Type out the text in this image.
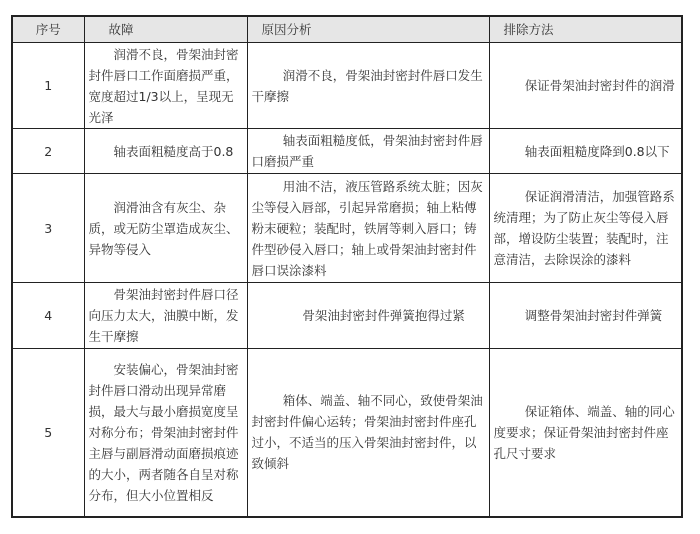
序号	故障	原因分析	排除方法
1	润滑不良，骨架油封密封件唇口工作面磨损严重，宽度超过1/3以上，呈现无光泽	润滑不良，骨架油封密封件唇口发生干摩擦	保证骨架油封密封件的润滑

2	轴表面粗糙度高于0.8	轴表面粗糙度低，骨架油封密封件唇口磨损严重	轴表面粗糙度降到0.8以下

3	润滑油含有灰尘、杂质，或无防尘罩造成灰尘、异物等侵入	用油不洁，液压管路系统太脏；因灰尘等侵入唇部，引起异常磨损；轴上粘傅粉末硬粒；装配时，铁屑等刺入唇口；铸件型砂侵入唇口；轴上或骨架油封密封件唇口误涂漆料	保证润滑清洁，加强管路系统清理；为了防止灰尘等侵入唇部，增设防尘装置；装配时，注意清洁，去除误涂的漆料

4	骨架油封密封件唇口径向压力太大，油膜中断，发生干摩擦	骨架油封密封件弹簧抱得过紧	调整骨架油封密封件弹簧

5	安装偏心，骨架油封密封件唇口滑动出现异常磨损，最大与最小磨损宽度呈对称分布；骨架油封密封件主唇与副唇滑动面磨损痕迹的大小，两者随各自呈对称分布，但大小位置相反	箱体、端盖、轴不同心，致使骨架油封密封件偏心运转；骨架油封密封件座孔过小，不适当的压入骨架油封密封件，以致倾斜	保证箱体、端盖、轴的同心度要求；保证骨架油封密封件座孔尺寸要求
